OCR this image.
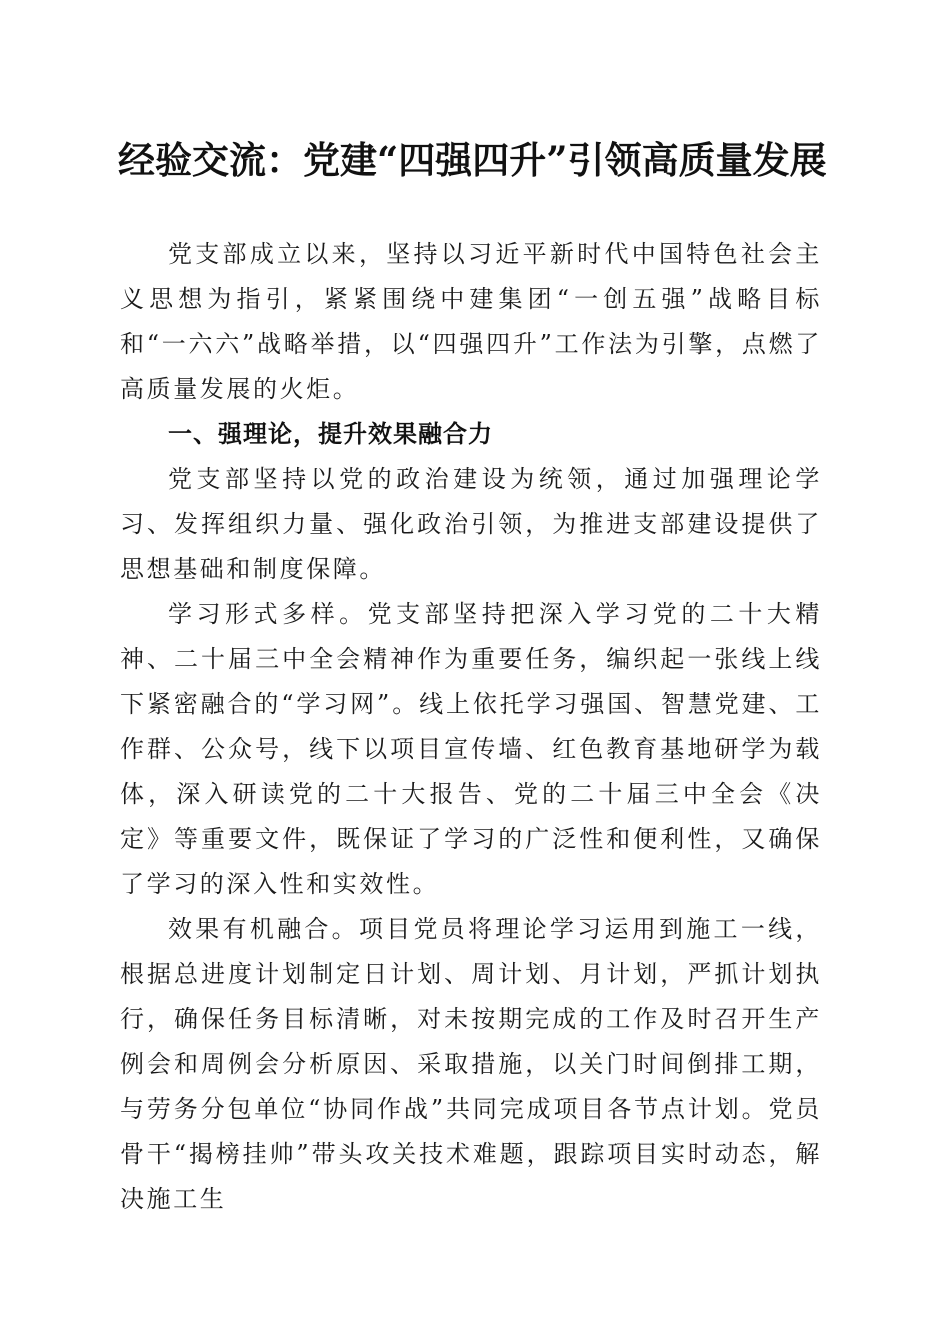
经验交流：党建“四强四升”引领高质量发展

党支部成立以来，坚持以习近平新时代中国特色社会主义思想为指引，紧紧围绕中建集团“一创五强”战略目标和“一六六”战略举措，以“四强四升”工作法为引擎，点燃了高质量发展的火炬。

一、强理论，提升效果融合力

党支部坚持以党的政治建设为统领，通过加强理论学习、发挥组织力量、强化政治引领，为推进支部建设提供了思想基础和制度保障。

学习形式多样。党支部坚持把深入学习党的二十大精神、二十届三中全会精神作为重要任务，编织起一张线上线下紧密融合的“学习网”。线上依托学习强国、智慧党建、工作群、公众号，线下以项目宣传墙、红色教育基地研学为载体，深入研读党的二十大报告、党的二十届三中全会《决定》等重要文件，既保证了学习的广泛性和便利性，又确保了学习的深入性和实效性。

效果有机融合。项目党员将理论学习运用到施工一线，根据总进度计划制定日计划、周计划、月计划，严抓计划执行，确保任务目标清晰，对未按期完成的工作及时召开生产例会和周例会分析原因、采取措施，以关门时间倒排工期，与劳务分包单位“协同作战”共同完成项目各节点计划。党员骨干“揭榜挂帅”带头攻关技术难题，跟踪项目实时动态，解决施工生
